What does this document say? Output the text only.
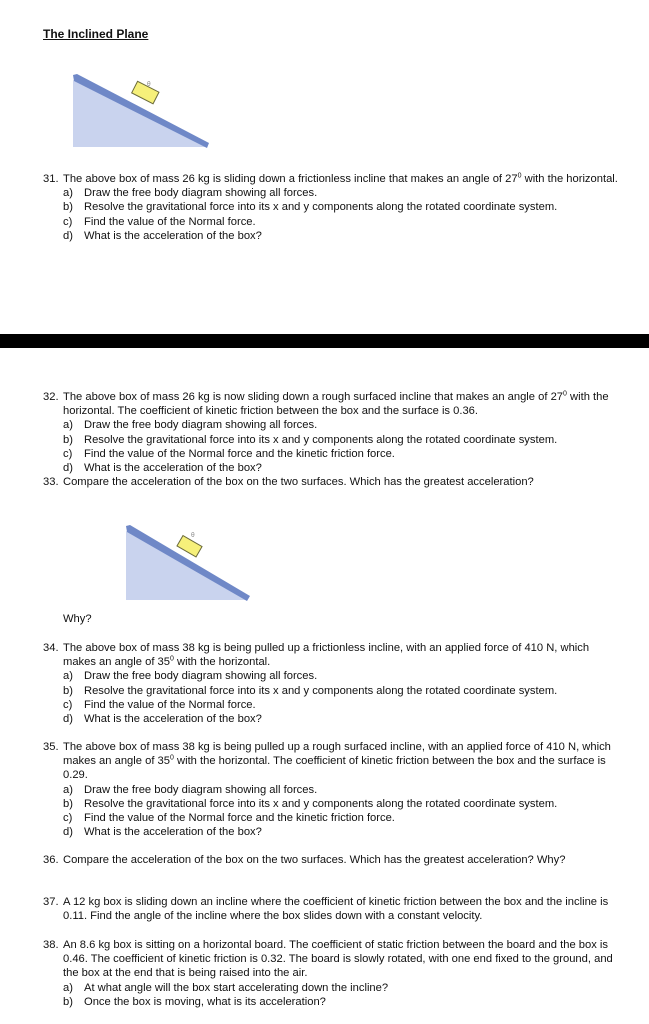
The Inclined Plane
θ
31. The above box of mass 26 kg is sliding down a frictionless incline that makes an angle of $27^0$ with the horizontal.
a) Draw the free body diagram showing all forces.
b) Resolve the gravitational force into its x and y components along the rotated coordinate system.
c)	Find the value of the Normal force.
d) What is the acceleration of the box?
32. The above box of mass 26 kg is now sliding down a rough surfaced incline that makes an angle of $27^0$ with the horizontal. The coefficient of kinetic friction between the box and the surface is 0.36.
a) Draw the free body diagram showing all forces.
b) Resolve the gravitational force into its x and y components along the rotated coordinate system.
c)	Find the value of the Normal force and the kinetic friction force.
d) What is the acceleration of the box?
33. Compare the acceleration of the box on the two surfaces. Which has the greatest acceleration?
θ
Why?
34. The above box of mass 38 kg is being pulled up a frictionless incline, with an applied force of 410 N, which makes an angle of $35^0$ with the horizontal.
a) Draw the free body diagram showing all forces.
b) Resolve the gravitational force into its x and y components along the rotated coordinate system.
c)	Find the value of the Normal force.
d) What is the acceleration of the box?
35. The above box of mass 38 kg is being pulled up a rough surfaced incline, with an applied force of 410 N, which makes an angle of $35^0$ with the horizontal. The coefficient of kinetic friction between the box and the surface is 0.29.
a) Draw the free body diagram showing all forces.
b) Resolve the gravitational force into its x and y components along the rotated coordinate system.
c)	Find the value of the Normal force and the kinetic friction force.
d) What is the acceleration of the box?
36. Compare the acceleration of the box on the two surfaces. Which has the greatest acceleration? Why?
37. A 12 kg box is sliding down an incline where the coefficient of kinetic friction between the box and the incline is 0.11. Find the angle of the incline where the box slides down with a constant velocity.
38. An 8.6 kg box is sitting on a horizontal board. The coefficient of static friction between the board and the box is 0.46. The coefficient of kinetic friction is 0.32. The board is slowly rotated, with one end fixed to the ground, and the box at the end that is being raised into the air.
a) At what angle will the box start accelerating down the incline?
b) Once the box is moving, what is its acceleration?
